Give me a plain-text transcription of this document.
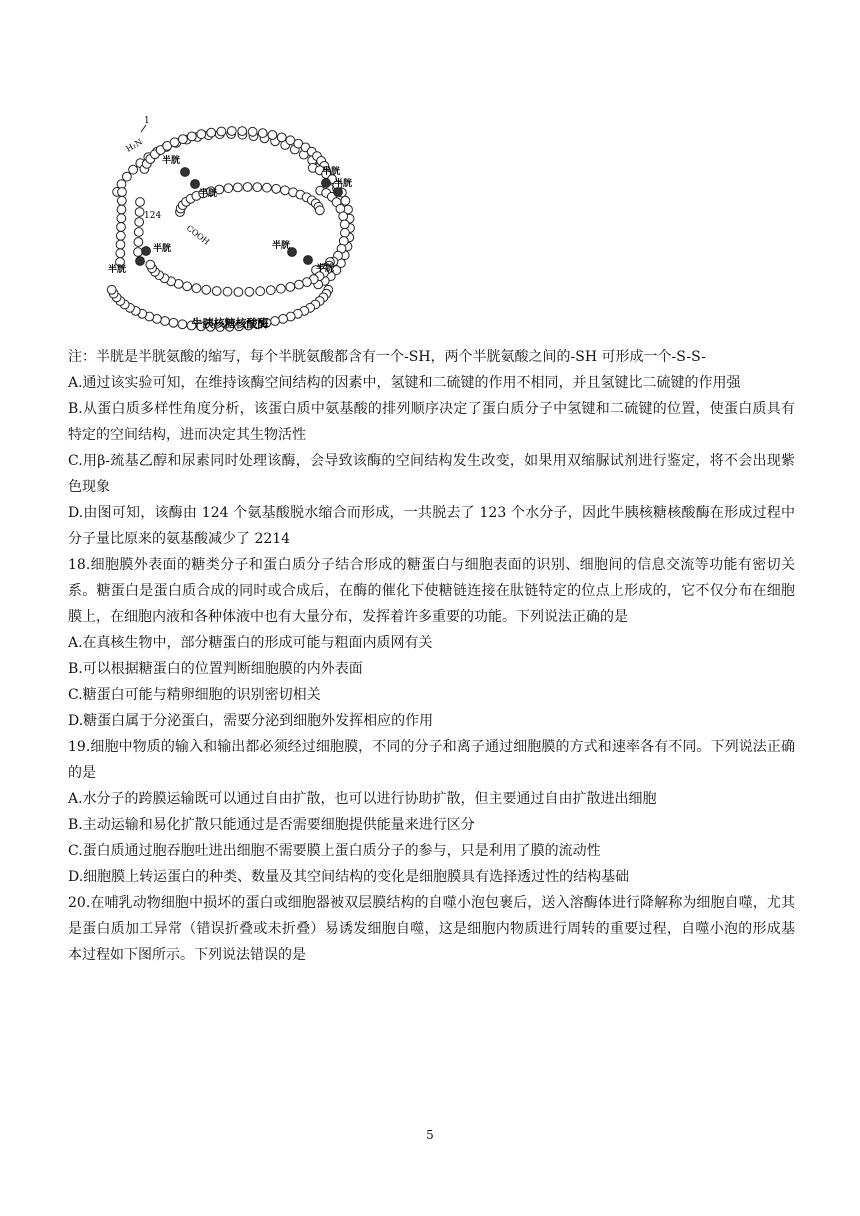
1
H₂N
124
COOH
半胱
半胱
半胱
半胱
半胱
半胱
半胱
半胱
牛胰核糖核酸酶

注：半胱是半胱氨酸的缩写，每个半胱氨酸都含有一个-SH，两个半胱氨酸之间的-SH 可形成一个-S-S-

A.通过该实验可知，在维持该酶空间结构的因素中，氢键和二硫键的作用不相同，并且氢键比二硫键的作用强

B.从蛋白质多样性角度分析，该蛋白质中氨基酸的排列顺序决定了蛋白质分子中氢键和二硫键的位置，使蛋白质具有特定的空间结构，进而决定其生物活性

C.用β-巯基乙醇和尿素同时处理该酶，会导致该酶的空间结构发生改变，如果用双缩脲试剂进行鉴定，将不会出现紫色现象

D.由图可知，该酶由 124 个氨基酸脱水缩合而形成，一共脱去了 123 个水分子，因此牛胰核糖核酸酶在形成过程中分子量比原来的氨基酸减少了 2214

18.细胞膜外表面的糖类分子和蛋白质分子结合形成的糖蛋白与细胞表面的识别、细胞间的信息交流等功能有密切关系。糖蛋白是蛋白质合成的同时或合成后，在酶的催化下使糖链连接在肽链特定的位点上形成的，它不仅分布在细胞膜上，在细胞内液和各种体液中也有大量分布，发挥着许多重要的功能。下列说法正确的是

A.在真核生物中，部分糖蛋白的形成可能与粗面内质网有关

B.可以根据糖蛋白的位置判断细胞膜的内外表面

C.糖蛋白可能与精卵细胞的识别密切相关

D.糖蛋白属于分泌蛋白，需要分泌到细胞外发挥相应的作用

19.细胞中物质的输入和输出都必须经过细胞膜，不同的分子和离子通过细胞膜的方式和速率各有不同。下列说法正确的是

A.水分子的跨膜运输既可以通过自由扩散，也可以进行协助扩散，但主要通过自由扩散进出细胞

B.主动运输和易化扩散只能通过是否需要细胞提供能量来进行区分

C.蛋白质通过胞吞胞吐进出细胞不需要膜上蛋白质分子的参与，只是利用了膜的流动性

D.细胞膜上转运蛋白的种类、数量及其空间结构的变化是细胞膜具有选择透过性的结构基础

20.在哺乳动物细胞中损坏的蛋白或细胞器被双层膜结构的自噬小泡包裹后，送入溶酶体进行降解称为细胞自噬，尤其是蛋白质加工异常（错误折叠或未折叠）易诱发细胞自噬，这是细胞内物质进行周转的重要过程，自噬小泡的形成基本过程如下图所示。下列说法错误的是

5
